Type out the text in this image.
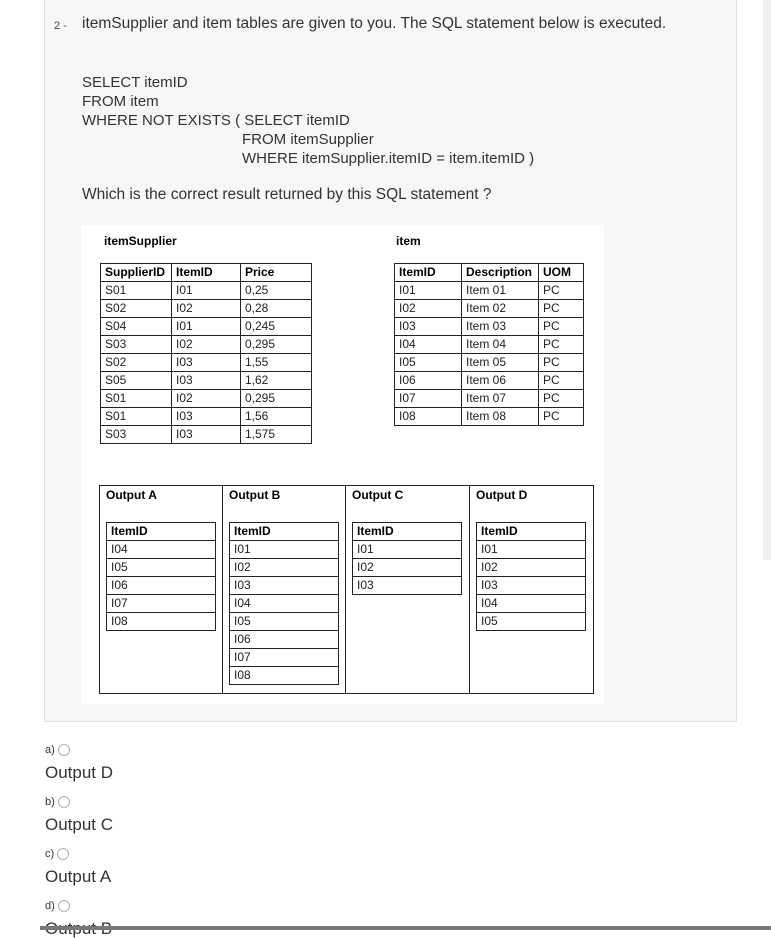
2 - itemSupplier and item tables are given to you. The SQL statement below is executed.
SELECT itemID
FROM item
WHERE NOT EXISTS ( SELECT itemID
FROM itemSupplier
WHERE itemSupplier.itemID = item.itemID )
Which is the correct result returned by this SQL statement ?
itemSupplier	item
SupplierID	ItemID	Price
S01	I01	0,25
S02	I02	0,28
S04	I01	0,245
S03	I02	0,295
S02	I03	1,55
S05	I03	1,62
S01	I02	0,295
S01	I03	1,56
S03	I03	1,575
ItemID	Description	UOM
I01	Item 01	PC
I02	Item 02	PC
I03	Item 03	PC
I04	Item 04	PC
I05	Item 05	PC
I06	Item 06	PC
I07	Item 07	PC
I08	Item 08	PC
Output A
ItemID
I04
I05
I06
I07
I08
Output B
ItemID
I01
I02
I03
I04
I05
I06
I07
I08
Output C
ItemID
I01
I02
I03
Output D
ItemID
I01
I02
I03
I04
I05
a)
Output D
b)
Output C
c)
Output A
d)
